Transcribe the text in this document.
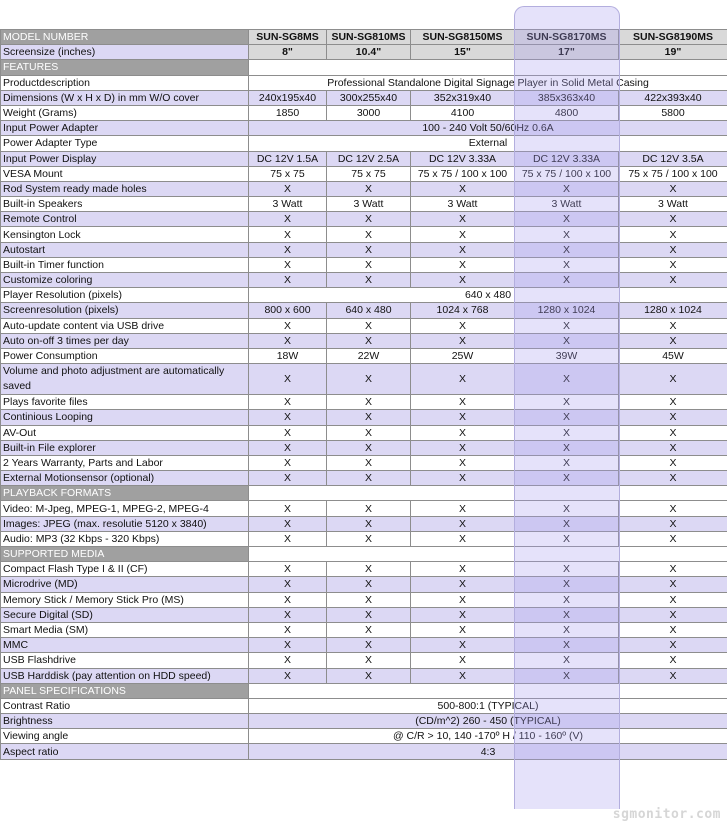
MODEL NUMBER	SUN-SG8MS	SUN-SG810MS	SUN-SG8150MS	SUN-SG8170MS	SUN-SG8190MS
Screensize (inches)	8"	10.4"	15"	17"	19"
FEATURES					
Productdescription	Professional Standalone Digital Signage Player in Solid Metal Casing				
Dimensions (W x H x D) in mm W/O cover	240x195x40	300x255x40	352x319x40	385x363x40	422x393x40
Weight (Grams)	1850	3000	4100	4800	5800
Input Power Adapter	100 - 240 Volt 50/60Hz 0.6A				
Power Adapter Type	External				
Input Power Display	DC 12V 1.5A	DC 12V 2.5A	DC 12V 3.33A	DC 12V 3.33A	DC 12V 3.5A
VESA Mount	75 x 75	75 x 75	75 x 75 / 100 x 100	75 x 75 / 100 x 100	75 x 75 / 100 x 100
Rod System ready made holes	X	X	X	X	X
Built-in Speakers	3 Watt	3 Watt	3 Watt	3 Watt	3 Watt
Remote Control	X	X	X	X	X
Kensington Lock	X	X	X	X	X
Autostart	X	X	X	X	X
Built-in Timer function	X	X	X	X	X
Customize coloring	X	X	X	X	X
Player Resolution (pixels)	640 x 480				
Screenresolution (pixels)	800 x 600	640 x 480	1024 x 768	1280 x 1024	1280 x 1024
Auto-update content via USB drive	X	X	X	X	X
Auto on-off 3 times per day	X	X	X	X	X
Power Consumption	18W	22W	25W	39W	45W
Volume and photo adjustment are automatically saved	X	X	X	X	X
Plays favorite files	X	X	X	X	X
Continious Looping	X	X	X	X	X
AV-Out	X	X	X	X	X
Built-in File explorer	X	X	X	X	X
2 Years Warranty, Parts and Labor	X	X	X	X	X
External Motionsensor (optional)	X	X	X	X	X
PLAYBACK FORMATS					
Video: M-Jpeg, MPEG-1, MPEG-2, MPEG-4	X	X	X	X	X
Images: JPEG (max. resolutie 5120 x 3840)	X	X	X	X	X
Audio: MP3 (32 Kbps - 320 Kbps)	X	X	X	X	X
SUPPORTED MEDIA					
Compact Flash Type I & II (CF)	X	X	X	X	X
Microdrive (MD)	X	X	X	X	X
Memory Stick / Memory Stick Pro (MS)	X	X	X	X	X
Secure Digital (SD)	X	X	X	X	X
Smart Media (SM)	X	X	X	X	X
MMC	X	X	X	X	X
USB Flashdrive	X	X	X	X	X
USB Harddisk (pay attention on HDD speed)	X	X	X	X	X
PANEL SPECIFICATIONS					
Contrast Ratio	500-800:1 (TYPICAL)				
Brightness	(CD/m^2) 260 - 450 (TYPICAL)				
Viewing angle	@ C/R > 10, 140 -170º H / 110 - 160º (V)				
Aspect ratio	4:3				
sgmonitor.com
